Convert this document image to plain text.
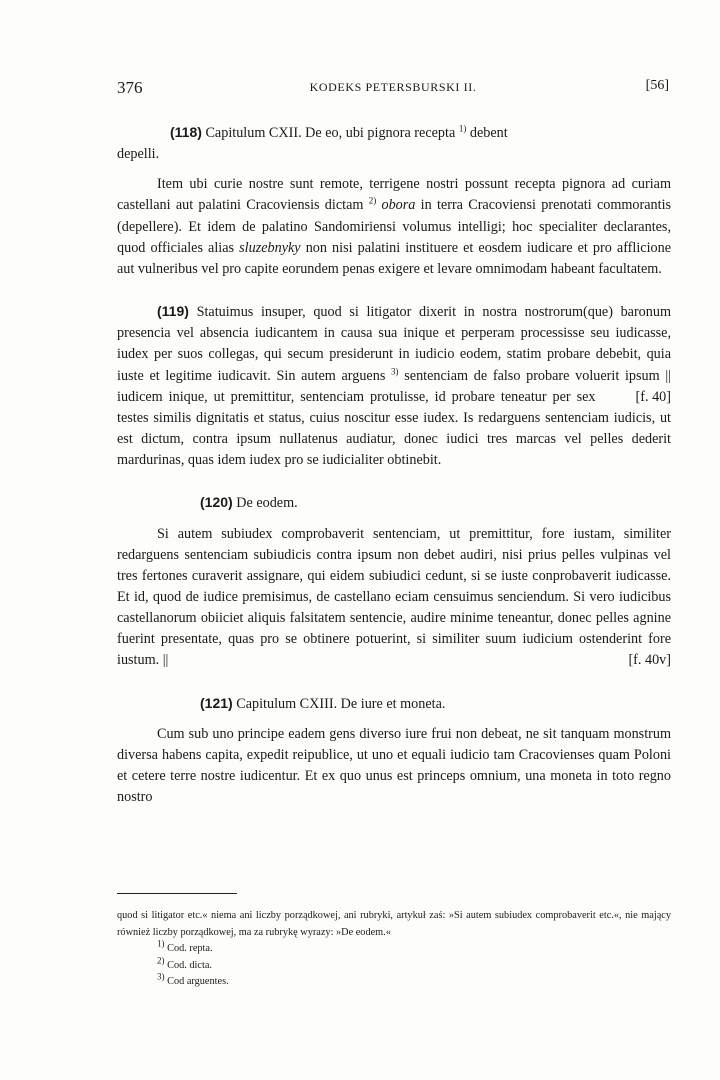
376	KODEKS PETERSBURSKI II.	[56]

(118) Capitulum CXII. De eo, ubi pignora recepta $^{1)}$ debent
depelli.

Item ubi curie nostre sunt remote, terrigene nostri possunt recepta pignora ad curiam castellani aut palatini Cracoviensis dictam $^{2)}$ obora in terra Cracoviensi prenotati commorantis (depellere). Et idem de palatino Sandomiriensi volumus intelligi; hoc specialiter declarantes, quod officiales alias sluzebnyky non nisi palatini instituere et eosdem iudicare et pro afflicione aut vulneribus vel pro capite eorundem penas exigere et levare omnimodam habeant facultatem.

(119) Statuimus insuper, quod si litigator dixerit in nostra nostrorum(que) baronum presencia vel absencia iudicantem in causa sua inique et perperam processisse seu iudicasse, iudex per suos collegas, qui secum presiderunt in iudicio eodem, statim probare debebit, quia iuste et legitime iudicavit. Sin autem arguens $^{3)}$ sentenciam de falso probare voluerit ipsum ||
[f. 40]
iudicem inique, ut premittitur, sentenciam protulisse, id probare teneatur per sex testes similis dignitatis et status, cuius noscitur esse iudex. Is redarguens sentenciam iudicis, ut est dictum, contra ipsum nullatenus audiatur, donec iudici tres marcas vel pelles dederit mardurinas, quas idem iudex pro se iudicialiter obtinebit.

(120) De eodem.

Si autem subiudex comprobaverit sentenciam, ut premittitur, fore iustam, similiter redarguens sentenciam subiudicis contra ipsum non debet audiri, nisi prius pelles vulpinas vel tres fertones curaverit assignare, qui eidem subiudici cedunt, si se iuste conprobaverit iudicasse. Et id, quod de iudice premisimus, de castellano eciam censuimus senciendum. Si vero iudicibus castellanorum obiiciet aliquis falsitatem sentencie, audire minime teneantur, donec pelles agnine fuerint presentate, quas pro se obtinere potuerint, si similiter suum iudicium ostenderint fore iustum. ||	[f. 40v]

(121) Capitulum CXIII. De iure et moneta.

Cum sub uno principe eadem gens diverso iure frui non debeat, ne sit tanquam monstrum diversa habens capita, expedit reipublice, ut uno et equali iudicio tam Cracovienses quam Poloni et cetere terre nostre iudicentur. Et ex quo unus est princeps omnium, una moneta in toto regno nostro

quod si litigator etc.« niema ani liczby porządkowej, ani rubryki, artykuł zaś: »Si autem subiudex comprobaverit etc.«, nie mający również liczby porządkowej, ma za rubrykę wyrazy: »De eodem.«

1) Cod. repta.
2) Cod. dicta.
3) Cod arguentes.
